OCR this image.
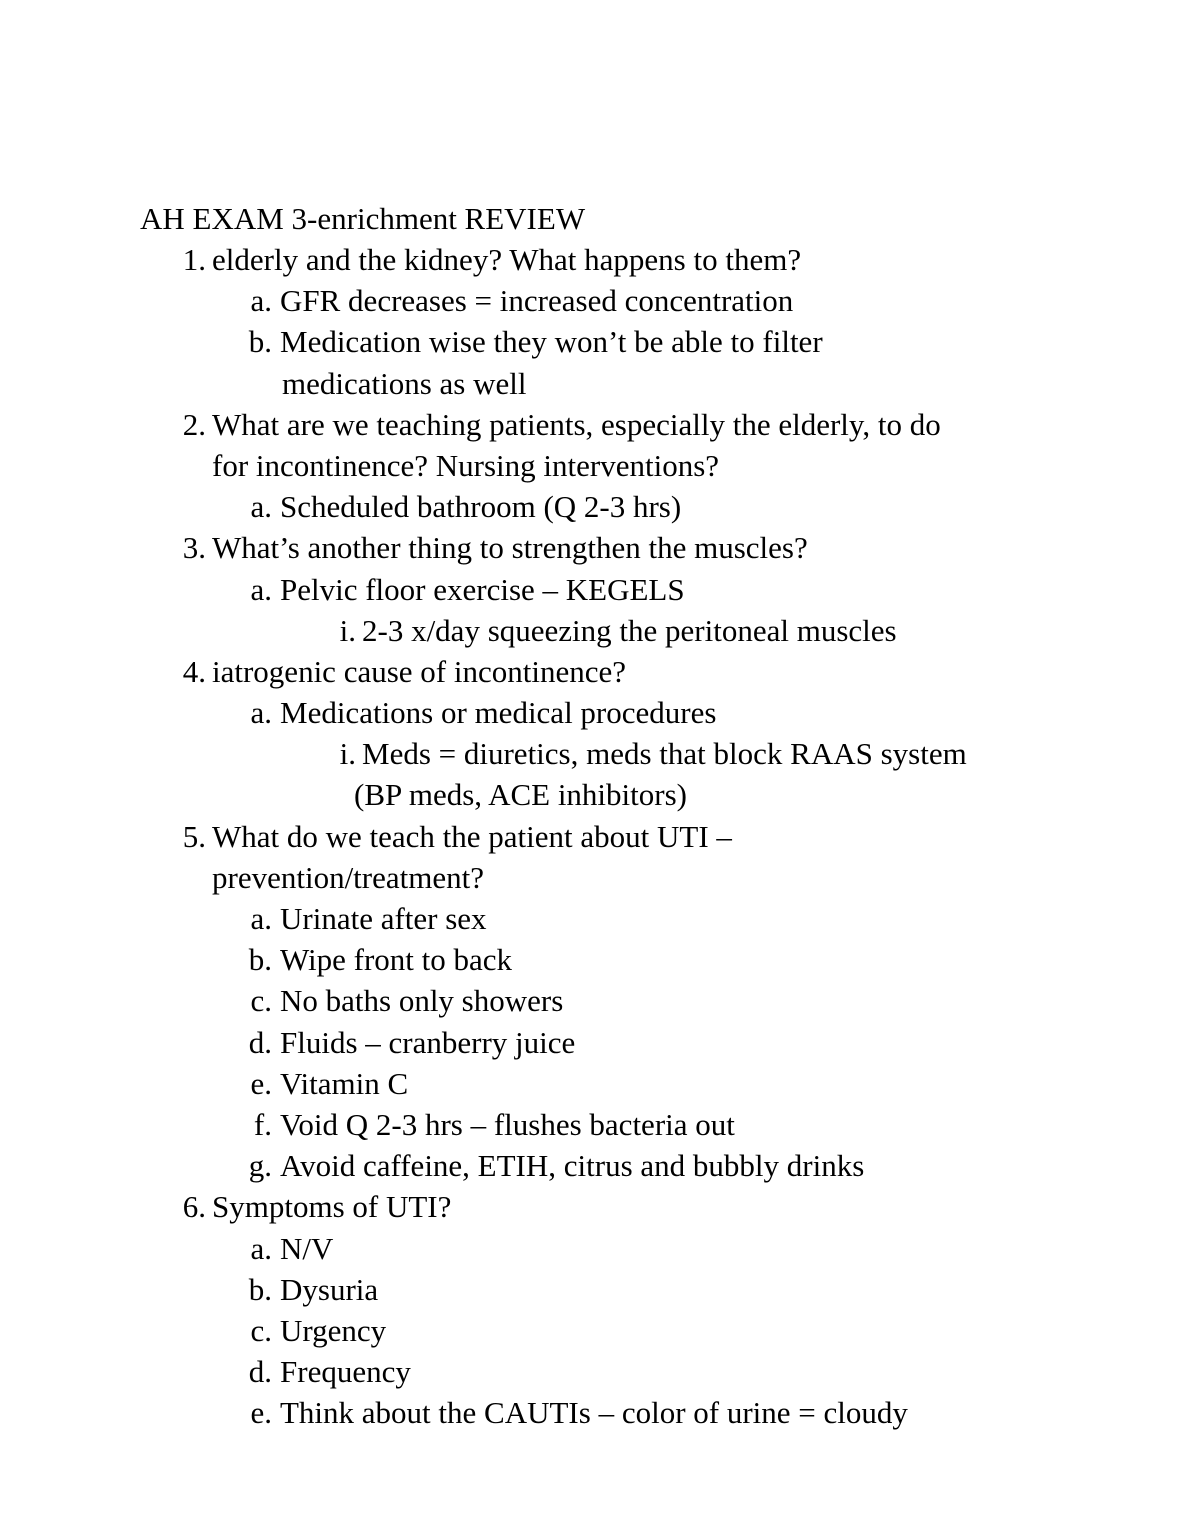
AH EXAM 3-enrichment REVIEW
1. elderly and the kidney? What happens to them?
a. GFR decreases = increased concentration
b. Medication wise they won’t be able to filter
medications as well
2. What are we teaching patients, especially the elderly, to do
for incontinence? Nursing interventions?
a. Scheduled bathroom (Q 2-3 hrs)
3. What’s another thing to strengthen the muscles?
a. Pelvic floor exercise – KEGELS
i. 2-3 x/day squeezing the peritoneal muscles
4. iatrogenic cause of incontinence?
a. Medications or medical procedures
i. Meds = diuretics, meds that block RAAS system
(BP meds, ACE inhibitors)
5. What do we teach the patient about UTI –
prevention/treatment?
a. Urinate after sex
b. Wipe front to back
c. No baths only showers
d. Fluids – cranberry juice
e. Vitamin C
f. Void Q 2-3 hrs – flushes bacteria out
g. Avoid caffeine, ETIH, citrus and bubbly drinks
6. Symptoms of UTI?
a. N/V
b. Dysuria
c. Urgency
d. Frequency
e. Think about the CAUTIs – color of urine = cloudy
